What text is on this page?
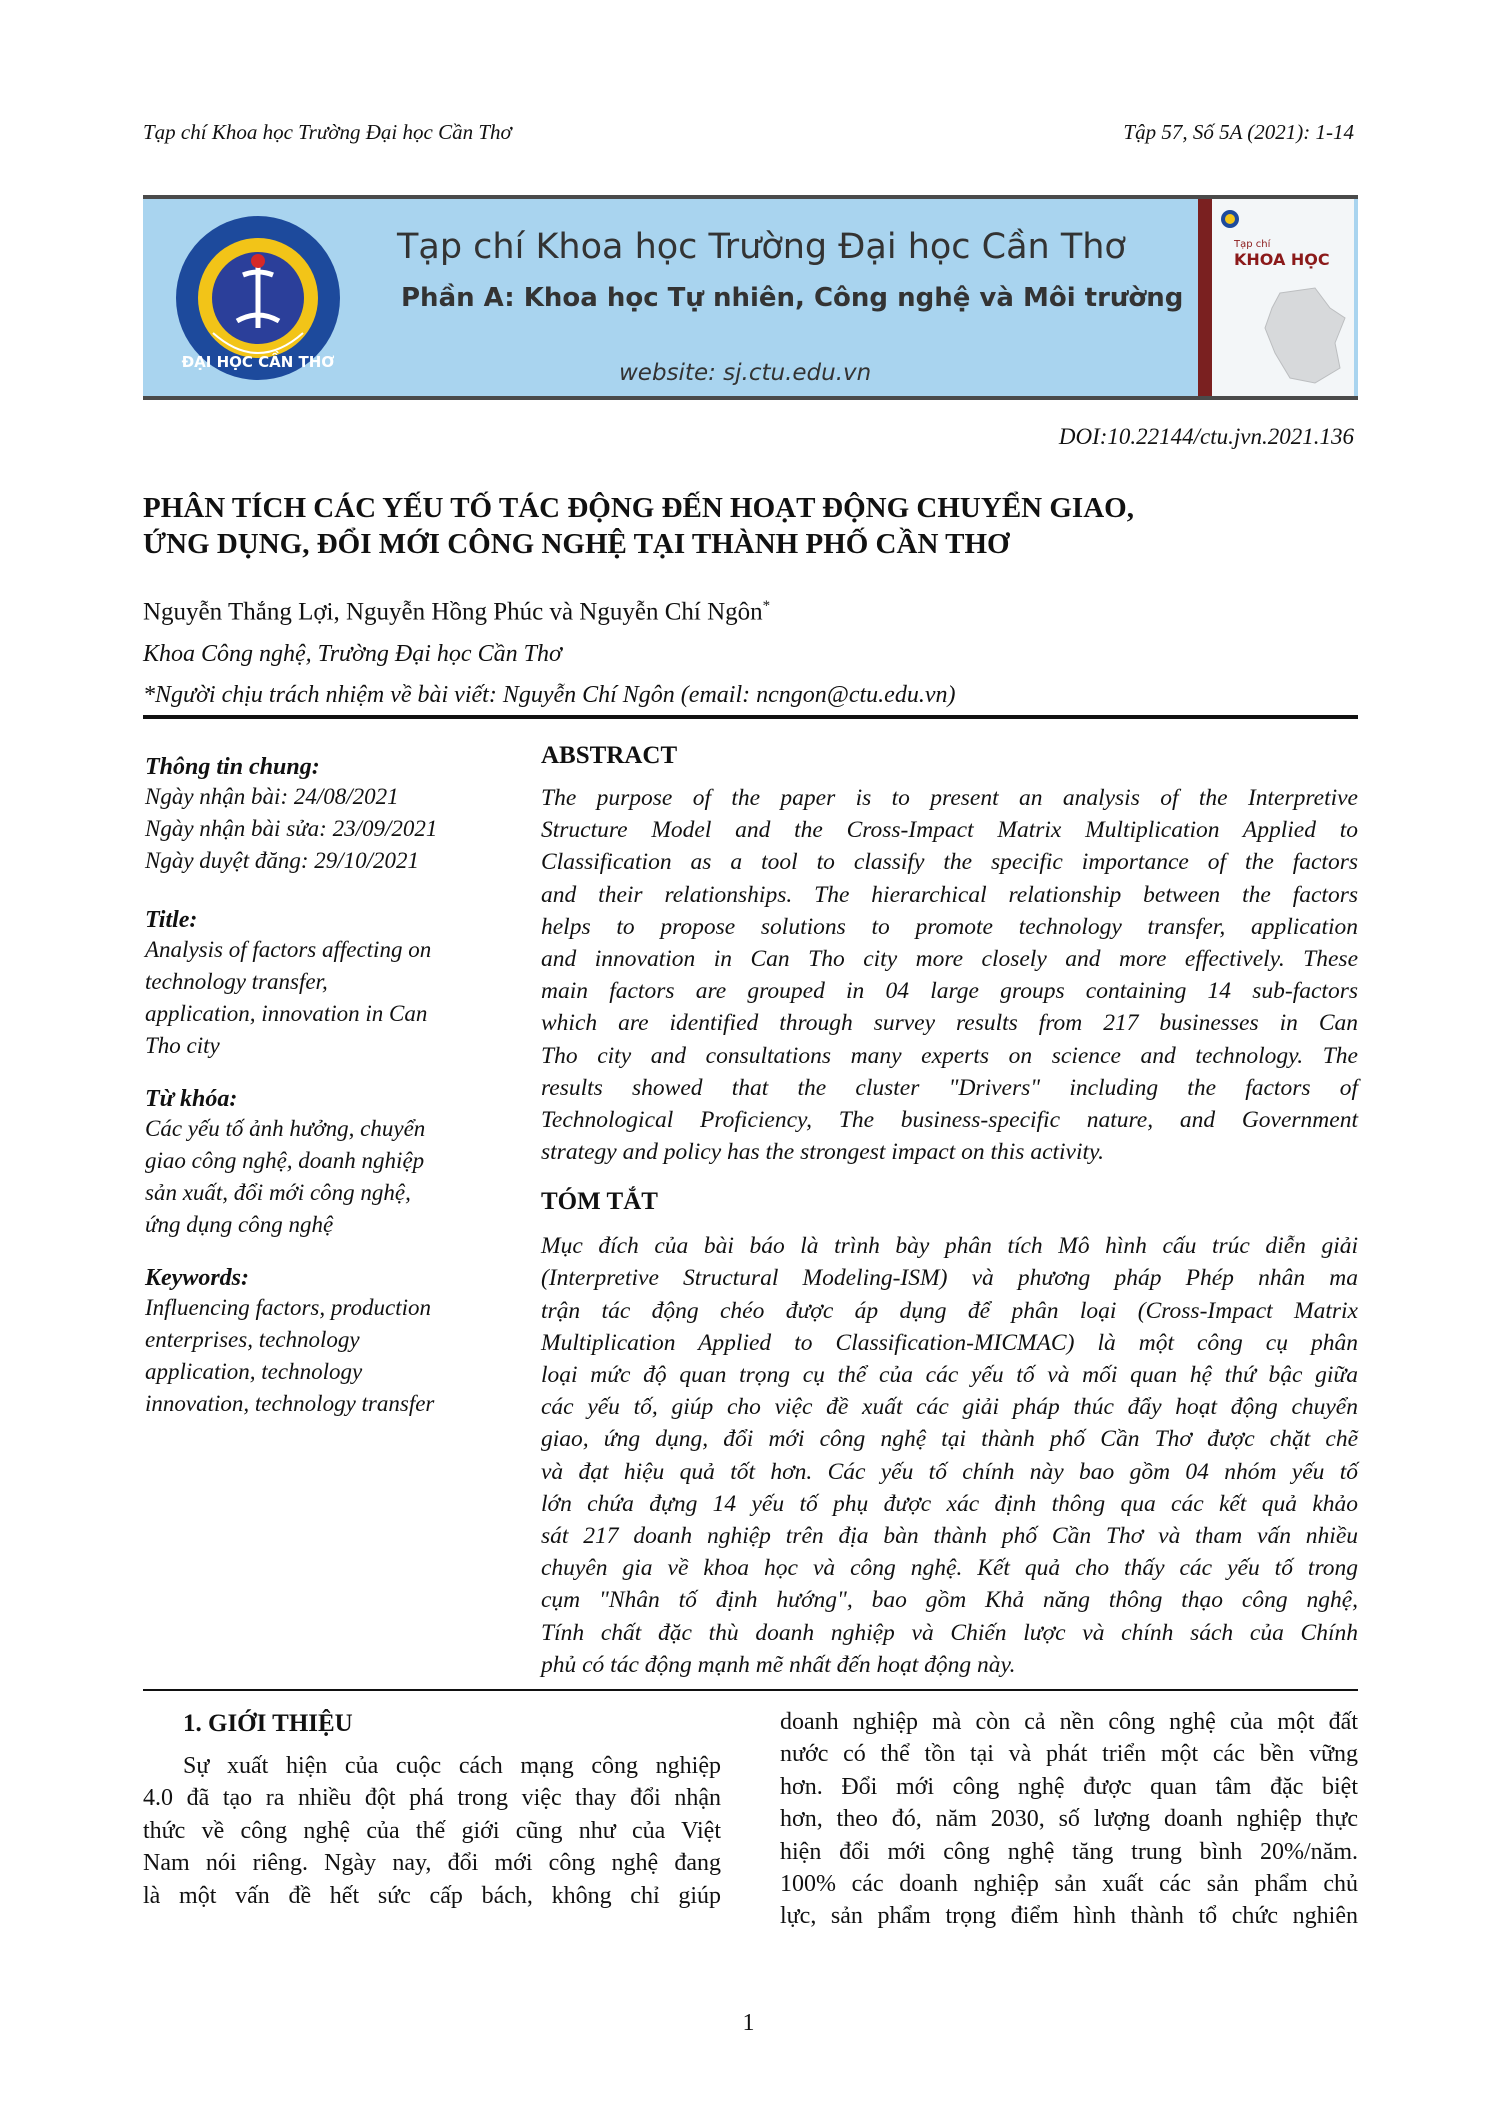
Tạp chí Khoa học Trường Đại học Cần Thơ	Tập 57, Số 5A (2021): 1-14
ĐẠI HỌC CẦN THƠ
Tạp chí Khoa học Trường Đại học Cần Thơ
Phần A: Khoa học Tự nhiên, Công nghệ và Môi trường
website: sj.ctu.edu.vn
Tạp chí
KHOA HỌC
DOI:10.22144/ctu.jvn.2021.136
PHÂN TÍCH CÁC YẾU TỐ TÁC ĐỘNG ĐẾN HOẠT ĐỘNG CHUYỂN GIAO,
ỨNG DỤNG, ĐỔI MỚI CÔNG NGHỆ TẠI THÀNH PHỐ CẦN THƠ
Nguyễn Thắng Lợi, Nguyễn Hồng Phúc và Nguyễn Chí Ngôn*
Khoa Công nghệ, Trường Đại học Cần Thơ
*Người chịu trách nhiệm về bài viết: Nguyễn Chí Ngôn (email: ncngon@ctu.edu.vn)
Thông tin chung:
Ngày nhận bài: 24/08/2021
Ngày nhận bài sửa: 23/09/2021
Ngày duyệt đăng: 29/10/2021
Title:
Analysis of factors affecting on
technology transfer,
application, innovation in Can
Tho city
Từ khóa:
Các yếu tố ảnh hưởng, chuyển
giao công nghệ, doanh nghiệp
sản xuất, đổi mới công nghệ,
ứng dụng công nghệ
Keywords:
Influencing factors, production
enterprises, technology
application, technology
innovation, technology transfer
ABSTRACT
The purpose of the paper is to present an analysis of the Interpretive
Structure Model and the Cross-Impact Matrix Multiplication Applied to
Classification as a tool to classify the specific importance of the factors
and their relationships. The hierarchical relationship between the factors
helps to propose solutions to promote technology transfer, application
and innovation in Can Tho city more closely and more effectively. These
main factors are grouped in 04 large groups containing 14 sub-factors
which are identified through survey results from 217 businesses in Can
Tho city and consultations many experts on science and technology. The
results showed that the cluster "Drivers" including the factors of
Technological Proficiency, The business-specific nature, and Government
strategy and policy has the strongest impact on this activity.
TÓM TẮT
Mục đích của bài báo là trình bày phân tích Mô hình cấu trúc diễn giải
(Interpretive Structural Modeling-ISM) và phương pháp Phép nhân ma
trận tác động chéo được áp dụng để phân loại (Cross-Impact Matrix
Multiplication Applied to Classification-MICMAC) là một công cụ phân
loại mức độ quan trọng cụ thể của các yếu tố và mối quan hệ thứ bậc giữa
các yếu tố, giúp cho việc đề xuất các giải pháp thúc đẩy hoạt động chuyển
giao, ứng dụng, đổi mới công nghệ tại thành phố Cần Thơ được chặt chẽ
và đạt hiệu quả tốt hơn. Các yếu tố chính này bao gồm 04 nhóm yếu tố
lớn chứa đựng 14 yếu tố phụ được xác định thông qua các kết quả khảo
sát 217 doanh nghiệp trên địa bàn thành phố Cần Thơ và tham vấn nhiều
chuyên gia về khoa học và công nghệ. Kết quả cho thấy các yếu tố trong
cụm "Nhân tố định hướng", bao gồm Khả năng thông thạo công nghệ,
Tính chất đặc thù doanh nghiệp và Chiến lược và chính sách của Chính
phủ có tác động mạnh mẽ nhất đến hoạt động này.
1. GIỚI THIỆU
Sự xuất hiện của cuộc cách mạng công nghiệp
4.0 đã tạo ra nhiều đột phá trong việc thay đổi nhận
thức về công nghệ của thế giới cũng như của Việt
Nam nói riêng. Ngày nay, đổi mới công nghệ đang
là một vấn đề hết sức cấp bách, không chỉ giúp
doanh nghiệp mà còn cả nền công nghệ của một đất
nước có thể tồn tại và phát triển một các bền vững
hơn. Đổi mới công nghệ được quan tâm đặc biệt
hơn, theo đó, năm 2030, số lượng doanh nghiệp thực
hiện đổi mới công nghệ tăng trung bình 20%/năm.
100% các doanh nghiệp sản xuất các sản phẩm chủ
lực, sản phẩm trọng điểm hình thành tổ chức nghiên
1
